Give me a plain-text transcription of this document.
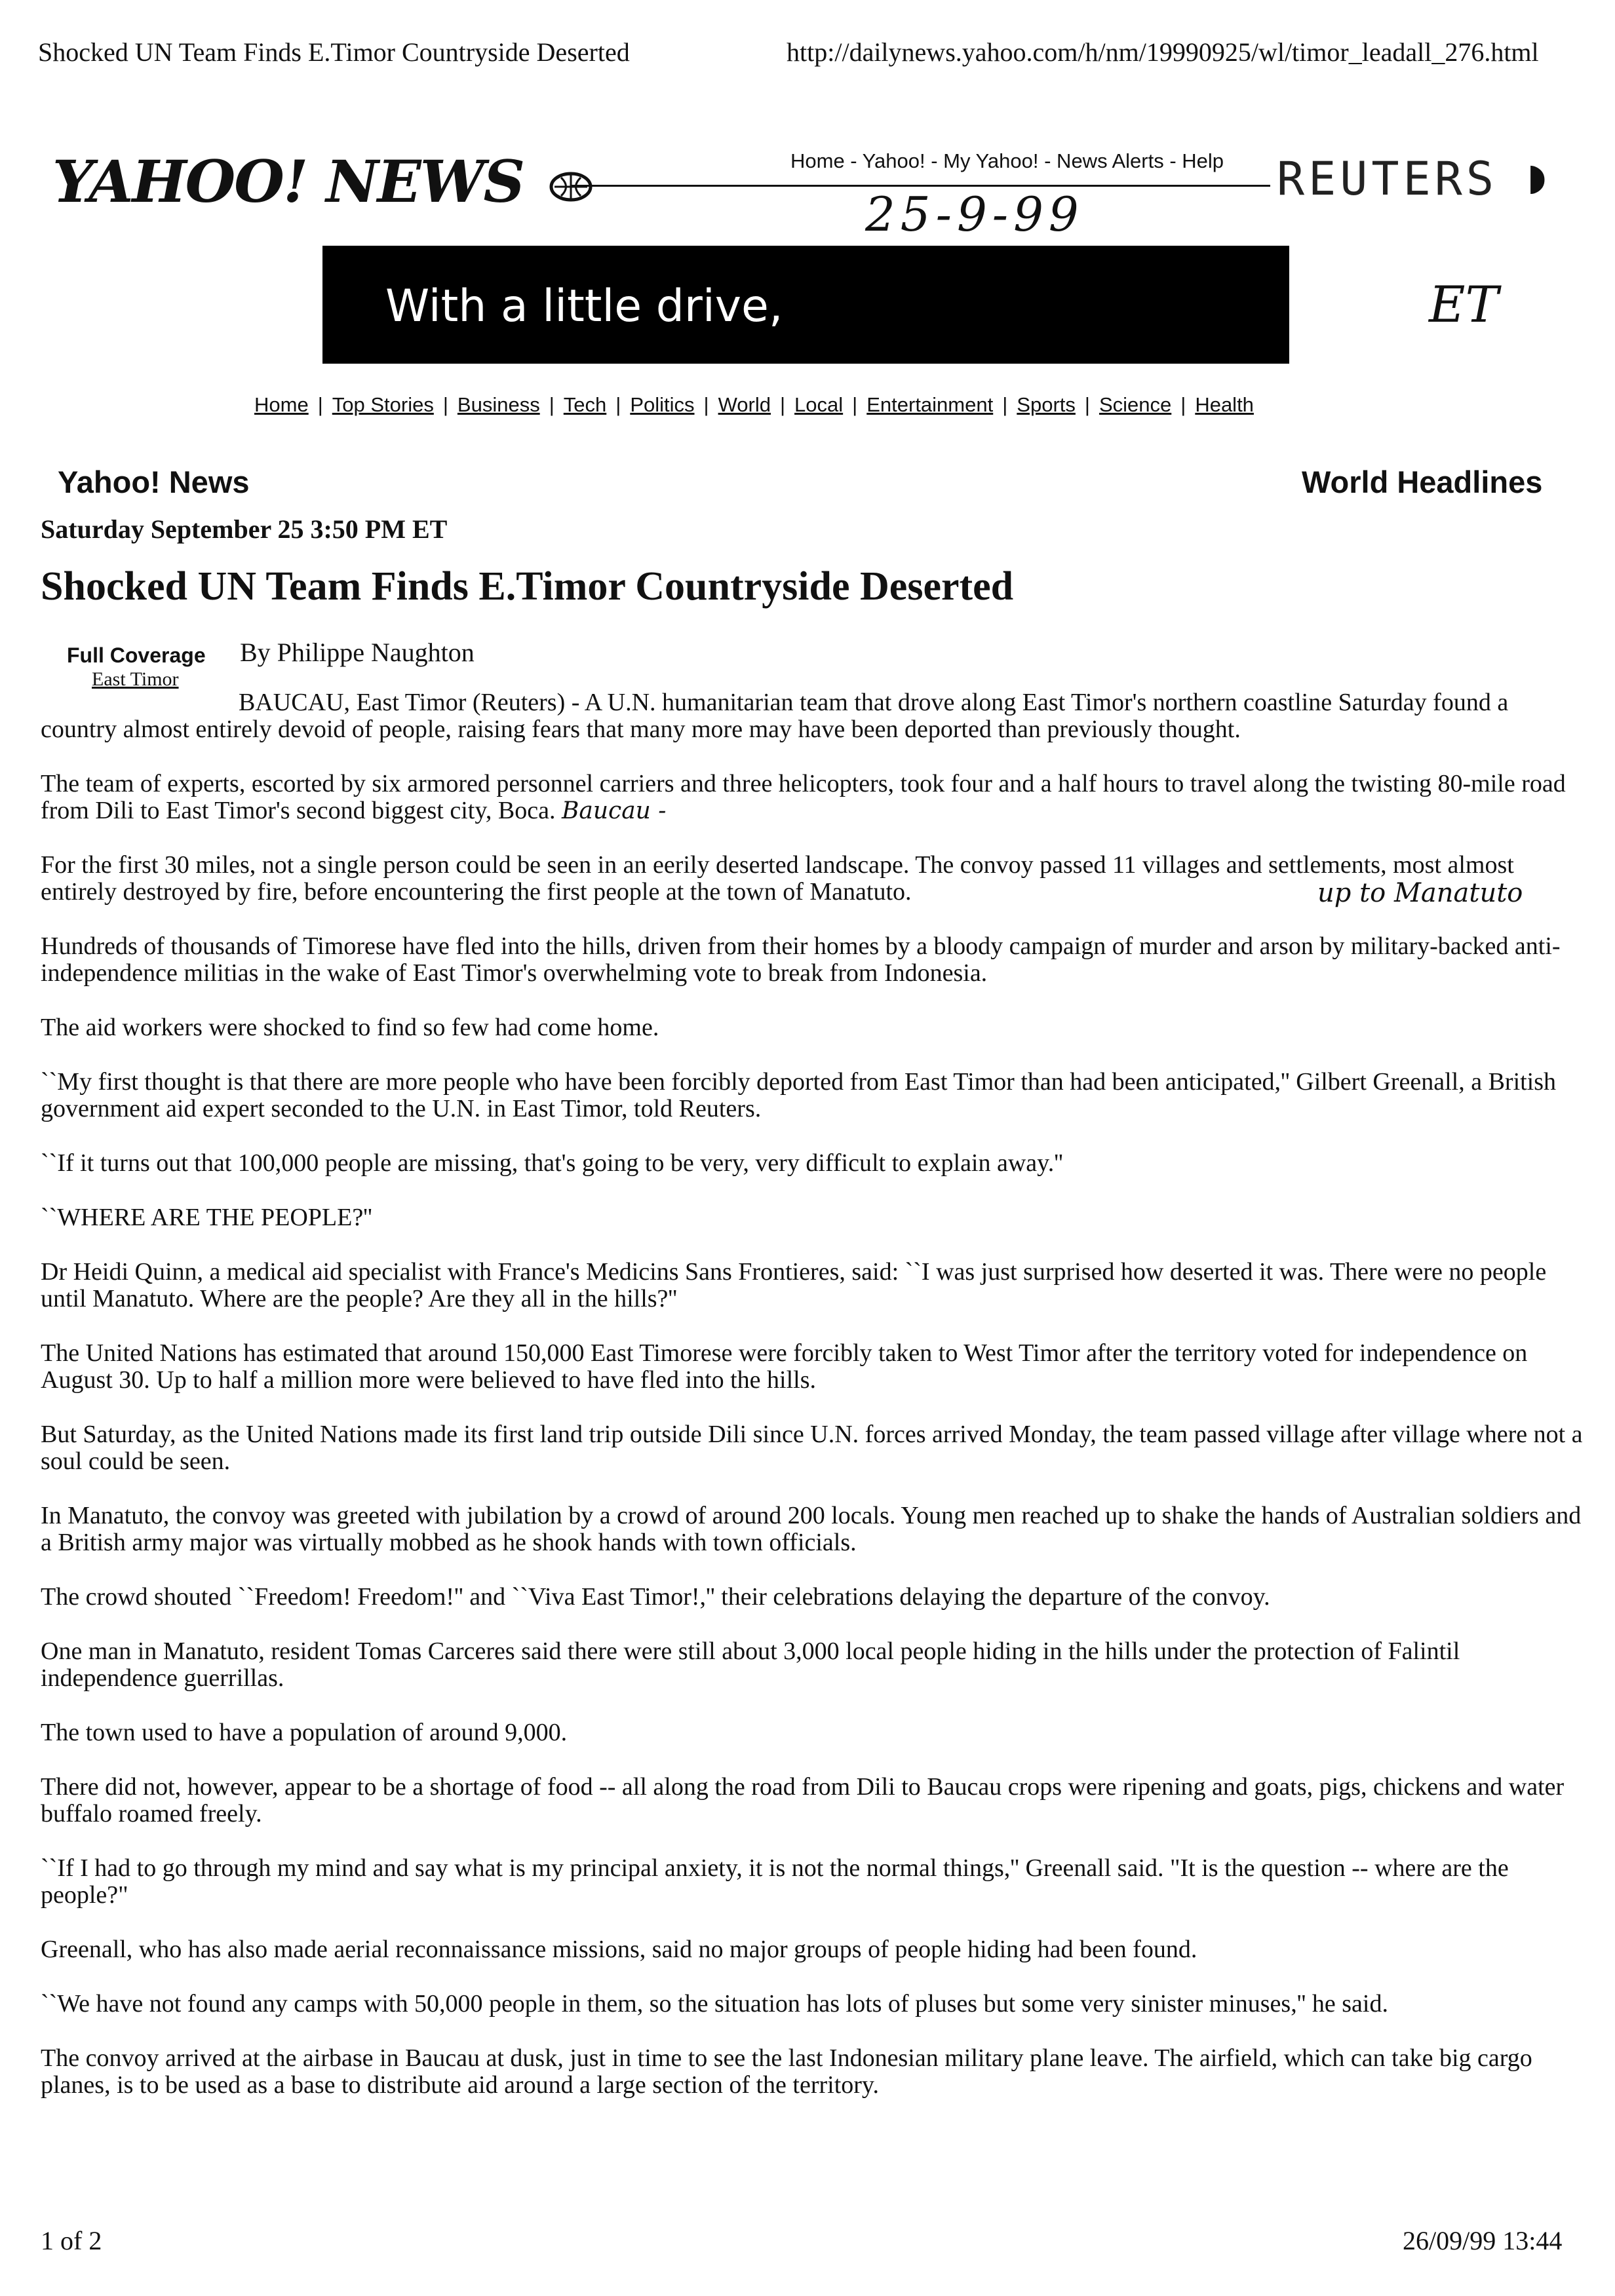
Shocked UN Team Finds E.Timor Countryside Deserted	http://dailynews.yahoo.com/h/nm/19990925/wl/timor_leadall_276.html
YAHOO! NEWS	Home - Yahoo! - My Yahoo! - News Alerts - Help REUTERS ◗
25-9-99
With a little drive,	ET
Home | Top Stories | Business | Tech | Politics | World | Local | Entertainment | Sports | Science | Health
Yahoo! News	World Headlines
Saturday September 25 3:50 PM ET
Shocked UN Team Finds E.Timor Countryside Deserted
Full Coverage
East Timor
By Philippe Naughton

BAUCAU, East Timor (Reuters) - A U.N. humanitarian team that drove along East Timor's northern coastline Saturday found a country almost entirely devoid of people, raising fears that many more may have been deported than previously thought.

The team of experts, escorted by six armored personnel carriers and three helicopters, took four and a half hours to travel along the twisting 80-mile road from Dili to East Timor's second biggest city, Boca. Baucau -

For the first 30 miles, not a single person could be seen in an eerily deserted landscape. The convoy passed 11 villages and settlements, most almost entirely destroyed by fire, before encountering the first people at the town of Manatuto.

Hundreds of thousands of Timorese have fled into the hills, driven from their homes by a bloody campaign of murder and arson by military-backed anti-independence militias in the wake of East Timor's overwhelming vote to break from Indonesia.

The aid workers were shocked to find so few had come home.

``My first thought is that there are more people who have been forcibly deported from East Timor than had been anticipated,'' Gilbert Greenall, a British government aid expert seconded to the U.N. in East Timor, told Reuters.

``If it turns out that 100,000 people are missing, that's going to be very, very difficult to explain away.''

``WHERE ARE THE PEOPLE?''

Dr Heidi Quinn, a medical aid specialist with France's Medicins Sans Frontieres, said: ``I was just surprised how deserted it was. There were no people until Manatuto. Where are the people? Are they all in the hills?''

The United Nations has estimated that around 150,000 East Timorese were forcibly taken to West Timor after the territory voted for independence on August 30. Up to half a million more were believed to have fled into the hills.

But Saturday, as the United Nations made its first land trip outside Dili since U.N. forces arrived Monday, the team passed village after village where not a soul could be seen.

In Manatuto, the convoy was greeted with jubilation by a crowd of around 200 locals. Young men reached up to shake the hands of Australian soldiers and a British army major was virtually mobbed as he shook hands with town officials.

The crowd shouted ``Freedom! Freedom!'' and ``Viva East Timor!,'' their celebrations delaying the departure of the convoy.

One man in Manatuto, resident Tomas Carceres said there were still about 3,000 local people hiding in the hills under the protection of Falintil independence guerrillas.

The town used to have a population of around 9,000.

There did not, however, appear to be a shortage of food -- all along the road from Dili to Baucau crops were ripening and goats, pigs, chickens and water buffalo roamed freely.

``If I had to go through my mind and say what is my principal anxiety, it is not the normal things,'' Greenall said. "It is the question -- where are the people?"

Greenall, who has also made aerial reconnaissance missions, said no major groups of people hiding had been found.

``We have not found any camps with 50,000 people in them, so the situation has lots of pluses but some very sinister minuses,'' he said.

The convoy arrived at the airbase in Baucau at dusk, just in time to see the last Indonesian military plane leave. The airfield, which can take big cargo planes, is to be used as a base to distribute aid around a large section of the territory.

up to Manatuto
1 of 2	26/09/99 13:44
